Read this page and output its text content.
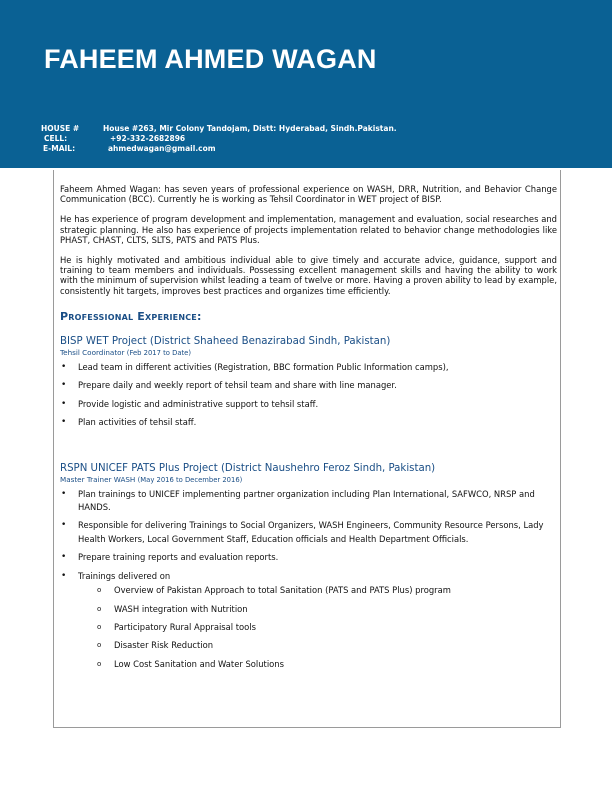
FAHEEM AHMED WAGAN
HOUSE #	House #263, Mir Colony Tandojam, Distt: Hyderabad, Sindh.Pakistan.
CELL:	+92-332-2682896
E-MAIL:	ahmedwagan@gmail.com

Faheem Ahmed Wagan: has seven years of professional experience on WASH, DRR, Nutrition, and Behavior Change Communication (BCC). Currently he is working as Tehsil Coordinator in WET project of BISP.

He has experience of program development and implementation, management and evaluation, social researches and strategic planning. He also has experience of projects implementation related to behavior change methodologies like PHAST, CHAST, CLTS, SLTS, PATS and PATS Plus.

He is highly motivated and ambitious individual able to give timely and accurate advice, guidance, support and training to team members and individuals. Possessing excellent management skills and having the ability to work with the minimum of supervision whilst leading a team of twelve or more. Having a proven ability to lead by example, consistently hit targets, improves best practices and organizes time efficiently.

Professional Experience:

BISP WET Project (District Shaheed Benazirabad Sindh, Pakistan)

Tehsil Coordinator (Feb 2017 to Date)

• Lead team in different activities (Registration, BBC formation Public Information camps),
• Prepare daily and weekly report of tehsil team and share with line manager.
• Provide logistic and administrative support to tehsil staff.
• Plan activities of tehsil staff.

RSPN UNICEF PATS Plus Project (District Naushehro Feroz Sindh, Pakistan)

Master Trainer WASH (May 2016 to December 2016)

• Plan trainings to UNICEF implementing partner organization including Plan International, SAFWCO, NRSP and HANDS.
• Responsible for delivering Trainings to Social Organizers, WASH Engineers, Community Resource Persons, Lady Health Workers, Local Government Staff, Education officials and Health Department Officials.
• Prepare training reports and evaluation reports.
• Trainings delivered on
o Overview of Pakistan Approach to total Sanitation (PATS and PATS Plus) program
o WASH integration with Nutrition
o Participatory Rural Appraisal tools
o Disaster Risk Reduction
o Low Cost Sanitation and Water Solutions
